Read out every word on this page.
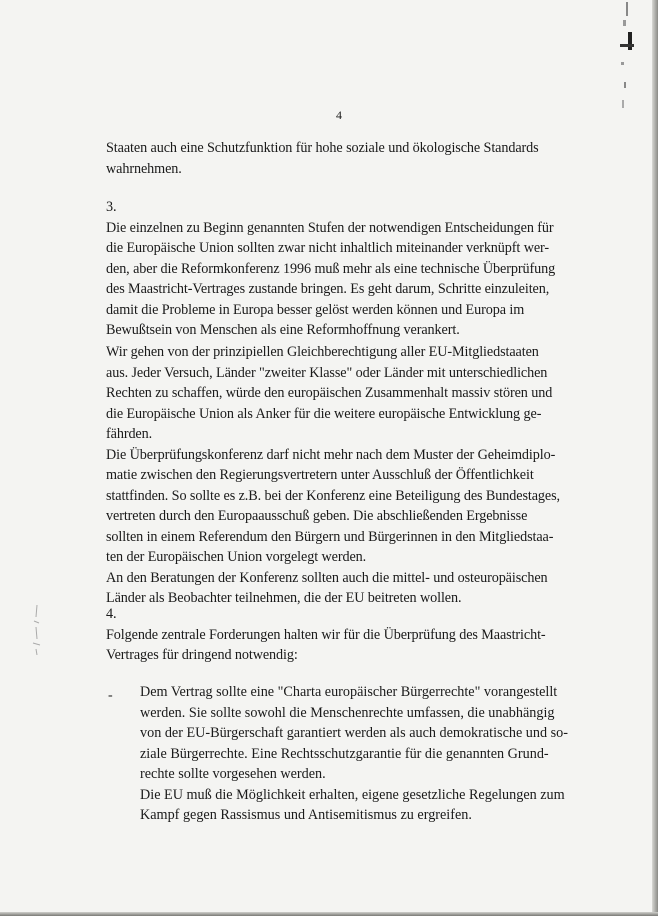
4
Staaten auch eine Schutzfunktion für hohe soziale und ökologische Standards
wahrnehmen.
3.
Die einzelnen zu Beginn genannten Stufen der notwendigen Entscheidungen für
die Europäische Union sollten zwar nicht inhaltlich miteinander verknüpft wer-
den, aber die Reformkonferenz 1996 muß mehr als eine technische Überprüfung
des Maastricht-Vertrages zustande bringen. Es geht darum, Schritte einzuleiten,
damit die Probleme in Europa besser gelöst werden können und Europa im
Bewußtsein von Menschen als eine Reformhoffnung verankert.
Wir gehen von der prinzipiellen Gleichberechtigung aller EU-Mitgliedstaaten
aus. Jeder Versuch, Länder "zweiter Klasse" oder Länder mit unterschiedlichen
Rechten zu schaffen, würde den europäischen Zusammenhalt massiv stören und
die Europäische Union als Anker für die weitere europäische Entwicklung ge-
fährden.
Die Überprüfungskonferenz darf nicht mehr nach dem Muster der Geheimdiplo-
matie zwischen den Regierungsvertretern unter Ausschluß der Öffentlichkeit
stattfinden. So sollte es z.B. bei der Konferenz eine Beteiligung des Bundestages,
vertreten durch den Europaausschuß geben. Die abschließenden Ergebnisse
sollten in einem Referendum den Bürgern und Bürgerinnen in den Mitgliedstaa-
ten der Europäischen Union vorgelegt werden.
An den Beratungen der Konferenz sollten auch die mittel- und osteuropäischen
Länder als Beobachter teilnehmen, die der EU beitreten wollen.
4.
Folgende zentrale Forderungen halten wir für die Überprüfung des Maastricht-
Vertrages für dringend notwendig:
- Dem Vertrag sollte eine "Charta europäischer Bürgerrechte" vorangestellt
werden. Sie sollte sowohl die Menschenrechte umfassen, die unabhängig
von der EU-Bürgerschaft garantiert werden als auch demokratische und so-
ziale Bürgerrechte. Eine Rechtsschutzgarantie für die genannten Grund-
rechte sollte vorgesehen werden.
Die EU muß die Möglichkeit erhalten, eigene gesetzliche Regelungen zum
Kampf gegen Rassismus und Antisemitismus zu ergreifen.
